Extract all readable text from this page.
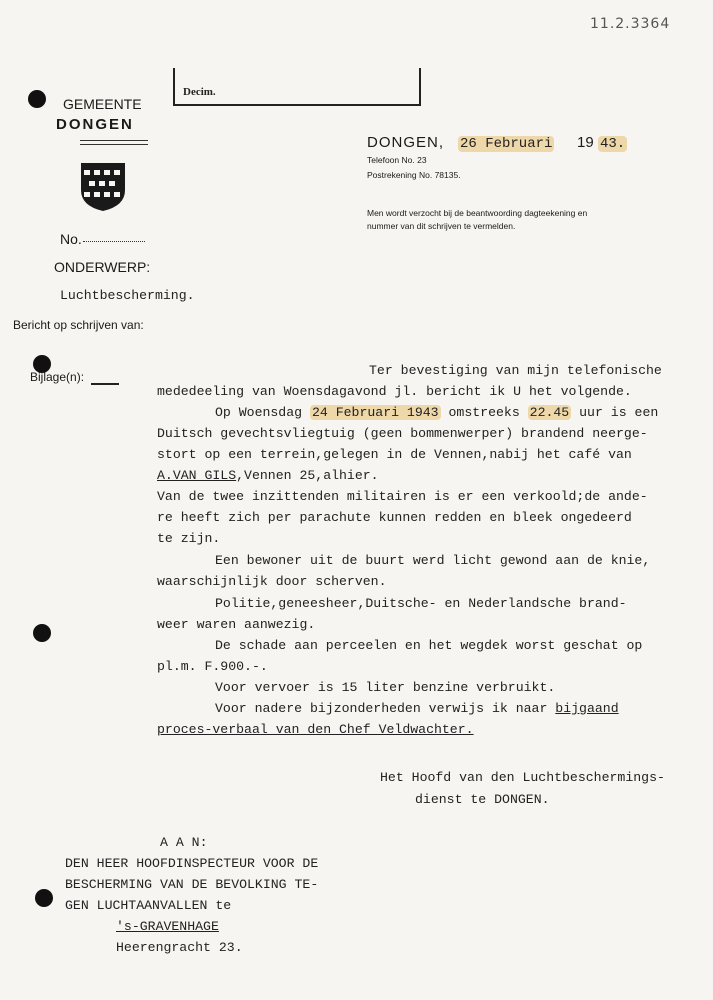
11.2.3364
Decim.
GEMEENTE
DONGEN
No.
ONDERWERP:
Luchtbescherming.
Bericht op schrijven van:
Bijlage(n):
DONGEN, 26 Februari 19 43.
Telefoon No. 23
Postrekening No. 78135.
Men wordt verzocht bij de beantwoording dagteekening en
nummer van dit schrijven te vermelden.
Ter bevestiging van mijn telefonische
mededeeling van Woensdagavond jl. bericht ik U het volgende.
Op Woensdag 24 Februari 1943 omstreeks 22.45 uur is een
Duitsch gevechtsvliegtuig (geen bommenwerper) brandend neerge-
stort op een terrein,gelegen in de Vennen,nabij het café van
A.VAN GILS,Vennen 25,alhier.
Van de twee inzittenden militairen is er een verkoold;de ande-
re heeft zich per parachute kunnen redden en bleek ongedeerd
te zijn.
Een bewoner uit de buurt werd licht gewond aan de knie,
waarschijnlijk door scherven.
Politie,geneesheer,Duitsche- en Nederlandsche brand-
weer waren aanwezig.
De schade aan perceelen en het wegdek worst geschat op
pl.m. F.900.-.
Voor vervoer is 15 liter benzine verbruikt.
Voor nadere bijzonderheden verwijs ik naar bijgaand
proces-verbaal van den Chef Veldwachter.
Het Hoofd van den Luchtbeschermings-
dienst te DONGEN.
A A N:
DEN HEER HOOFDINSPECTEUR VOOR DE
BESCHERMING VAN DE BEVOLKING TE-
GEN LUCHTAANVALLEN te
's-GRAVENHAGE
Heerengracht 23.
